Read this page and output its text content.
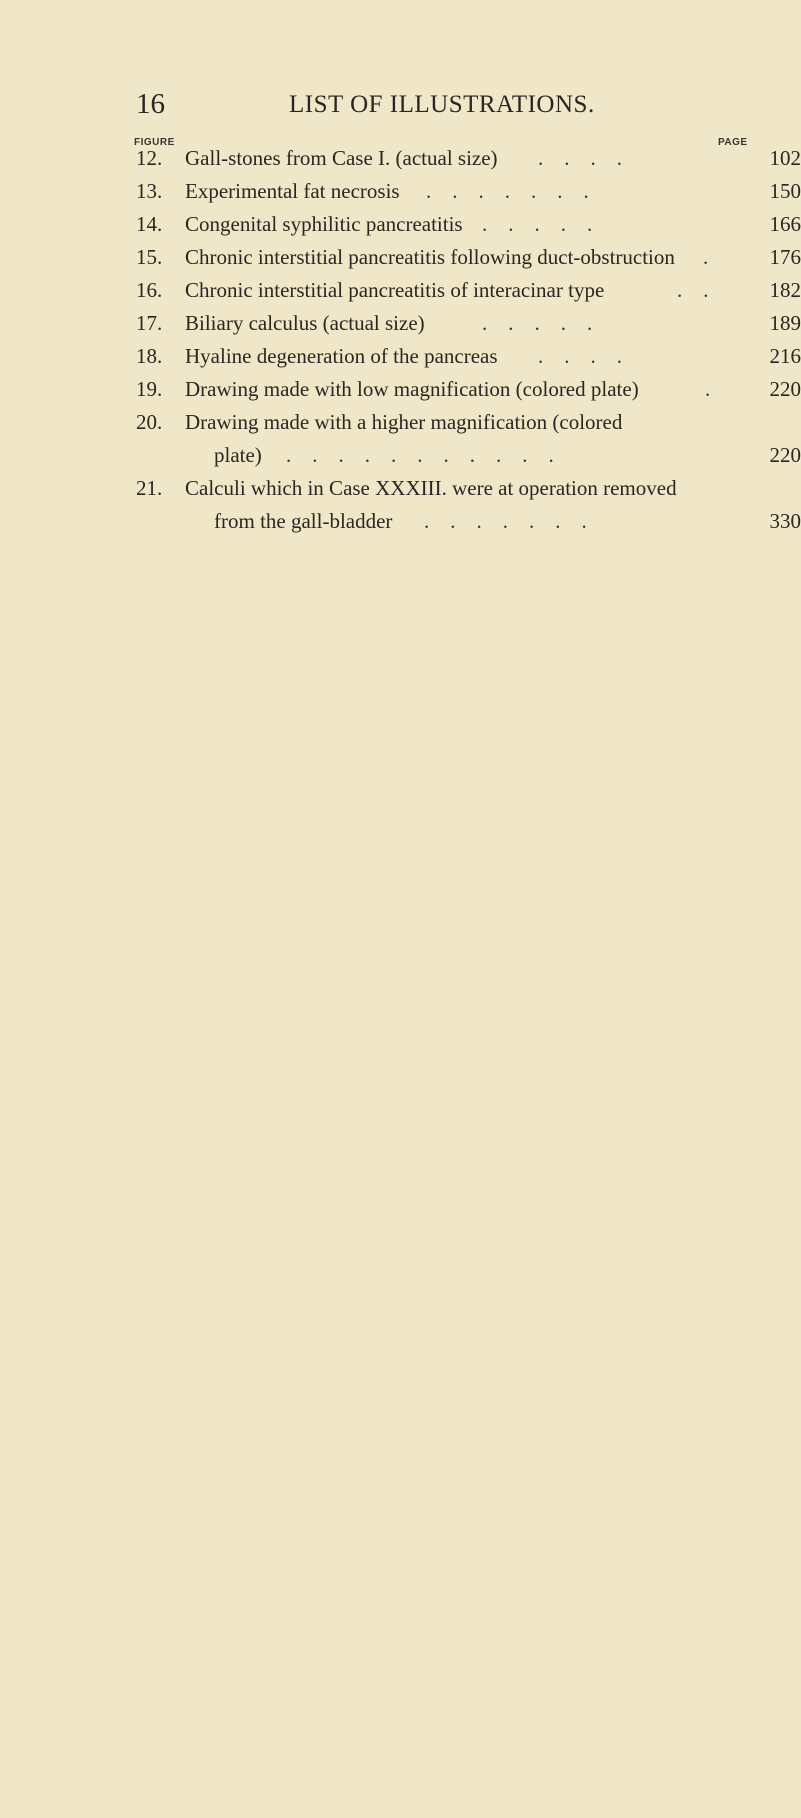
16	LIST OF ILLUSTRATIONS.
FIGURE	PAGE
12.	Gall-stones from Case I. (actual size) .    .    .    .	102
13.	Experimental fat necrosis .    .    .    .    .    .    .	150
14.	Congenital syphilitic pancreatitis .    .    .    .    .	166
15.	Chronic interstitial pancreatitis following duct-obstruction .	176
16.	Chronic interstitial pancreatitis of interacinar type	.    .	182
17.	Biliary calculus (actual size)	.    .    .    .    .	189
18.	Hyaline degeneration of the pancreas .    .    .    .	216
19.	Drawing made with low magnification (colored plate)	.	220
20.	Drawing made with a higher magnification (colored
plate) .    .    .    .    .    .    .    .    .    .    .	220
21.	Calculi which in Case XXXIII. were at operation removed
from the gall-bladder .    .    .    .    .    .    .	330
